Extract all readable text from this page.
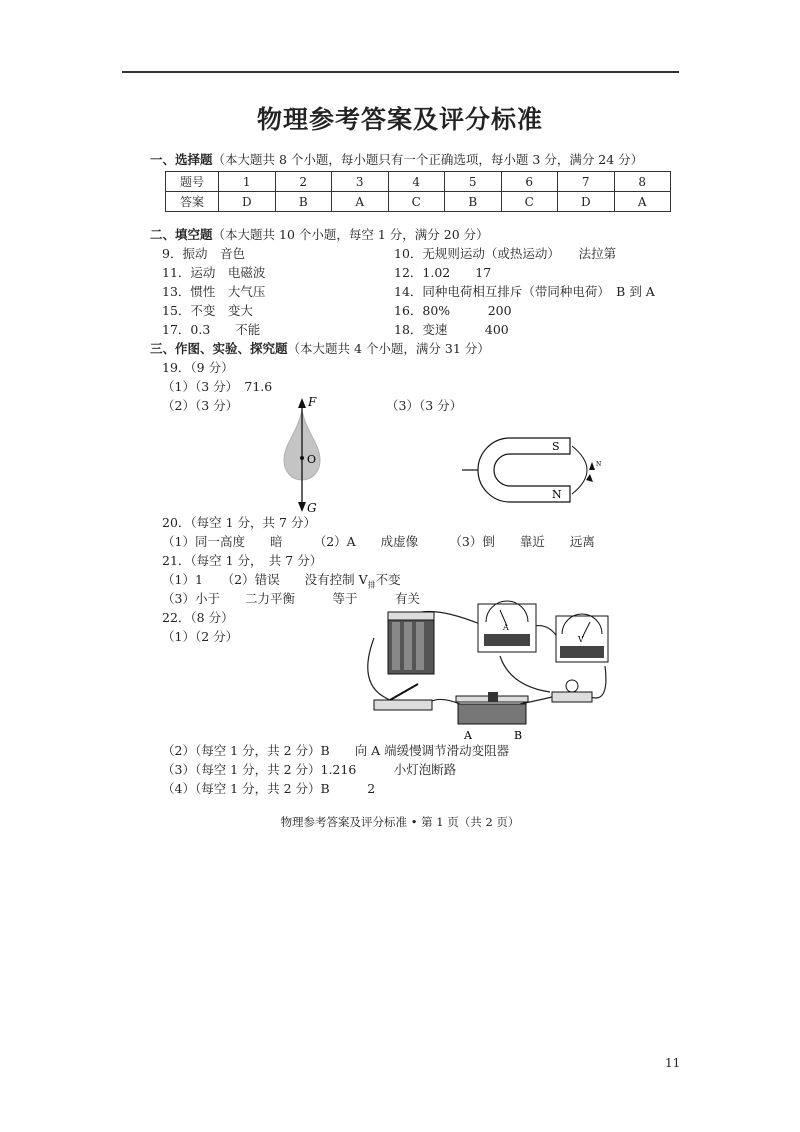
物理参考答案及评分标准
一、选择题（本大题共 8 个小题，每小题只有一个正确选项，每小题 3 分，满分 24 分）
题号	1	2	3	4	5	6	7	8
答案	D	B	A	C	B	C	D	A
二、填空题（本大题共 10 个小题，每空 1 分，满分 20 分）
9．振动　音色
11．运动　电磁波
13．惯性　大气压
15．不变　变大
17．0.3　　不能
10．无规则运动（或热运动）　　法拉第
12．1.02　　17
14．同种电荷相互排斥（带同种电荷）　B 到 A
16．80%　　　200
18．变速　　　400
三、作图、实验、探究题（本大题共 4 个小题，满分 31 分）
19．（9 分）
（1）（3 分）　71.6
（2）（3 分）	（3）（3 分）
F
O
G
S
N
N
20．（每空 1 分，共 7 分）
（1）同一高度　　暗　　　（2）A　　成虚像　　　（3）倒　　靠近　　远离
21．（每空 1 分，　共 7 分）
（1）1　　（2）错误　　没有控制 $V_排$不变
（3）小于　　二力平衡　　　等于　　　有关
22．（8 分）
（1）（2 分）
A
V
A	B
（2）（每空 1 分，共 2 分）B　　向 A 端缓慢调节滑动变阻器
（3）（每空 1 分，共 2 分）1.216　　　小灯泡断路
（4）（每空 1 分，共 2 分）B　　　2
物理参考答案及评分标准 • 第 1 页（共 2 页）
11
